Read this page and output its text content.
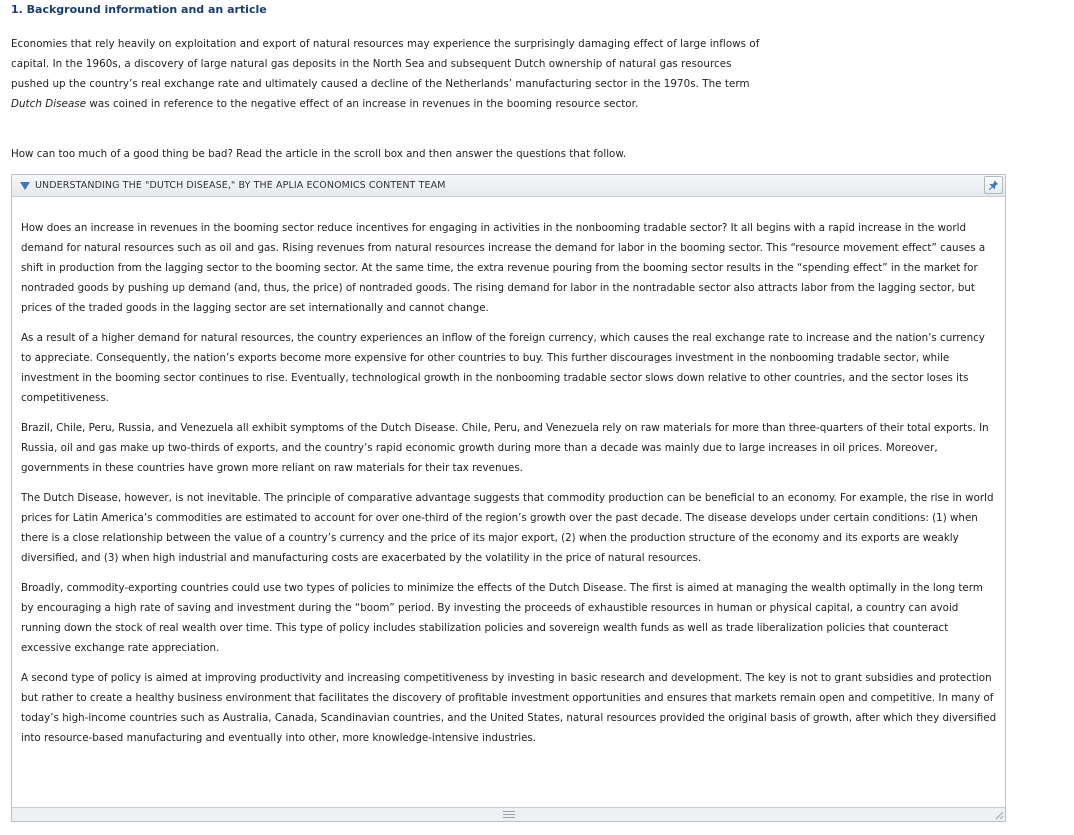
1. Background information and an article

Economies that rely heavily on exploitation and export of natural resources may experience the surprisingly damaging effect of large inflows of capital. In the 1960s, a discovery of large natural gas deposits in the North Sea and subsequent Dutch ownership of natural gas resources pushed up the country’s real exchange rate and ultimately caused a decline of the Netherlands’ manufacturing sector in the 1970s. The term Dutch Disease was coined in reference to the negative effect of an increase in revenues in the booming resource sector.

How can too much of a good thing be bad? Read the article in the scroll box and then answer the questions that follow.

UNDERSTANDING THE "DUTCH DISEASE," BY THE APLIA ECONOMICS CONTENT TEAM

How does an increase in revenues in the booming sector reduce incentives for engaging in activities in the nonbooming tradable sector? It all begins with a rapid increase in the world demand for natural resources such as oil and gas. Rising revenues from natural resources increase the demand for labor in the booming sector. This “resource movement effect” causes a shift in production from the lagging sector to the booming sector. At the same time, the extra revenue pouring from the booming sector results in the “spending effect” in the market for nontraded goods by pushing up demand (and, thus, the price) of nontraded goods. The rising demand for labor in the nontradable sector also attracts labor from the lagging sector, but prices of the traded goods in the lagging sector are set internationally and cannot change.

As a result of a higher demand for natural resources, the country experiences an inflow of the foreign currency, which causes the real exchange rate to increase and the nation’s currency to appreciate. Consequently, the nation’s exports become more expensive for other countries to buy. This further discourages investment in the nonbooming tradable sector, while investment in the booming sector continues to rise. Eventually, technological growth in the nonbooming tradable sector slows down relative to other countries, and the sector loses its competitiveness.

Brazil, Chile, Peru, Russia, and Venezuela all exhibit symptoms of the Dutch Disease. Chile, Peru, and Venezuela rely on raw materials for more than three-quarters of their total exports. In Russia, oil and gas make up two-thirds of exports, and the country’s rapid economic growth during more than a decade was mainly due to large increases in oil prices. Moreover, governments in these countries have grown more reliant on raw materials for their tax revenues.

The Dutch Disease, however, is not inevitable. The principle of comparative advantage suggests that commodity production can be beneficial to an economy. For example, the rise in world prices for Latin America’s commodities are estimated to account for over one-third of the region’s growth over the past decade. The disease develops under certain conditions: (1) when there is a close relationship between the value of a country’s currency and the price of its major export, (2) when the production structure of the economy and its exports are weakly diversified, and (3) when high industrial and manufacturing costs are exacerbated by the volatility in the price of natural resources.

Broadly, commodity-exporting countries could use two types of policies to minimize the effects of the Dutch Disease. The first is aimed at managing the wealth optimally in the long term by encouraging a high rate of saving and investment during the “boom” period. By investing the proceeds of exhaustible resources in human or physical capital, a country can avoid running down the stock of real wealth over time. This type of policy includes stabilization policies and sovereign wealth funds as well as trade liberalization policies that counteract excessive exchange rate appreciation.

A second type of policy is aimed at improving productivity and increasing competitiveness by investing in basic research and development. The key is not to grant subsidies and protection but rather to create a healthy business environment that facilitates the discovery of profitable investment opportunities and ensures that markets remain open and competitive. In many of today’s high-income countries such as Australia, Canada, Scandinavian countries, and the United States, natural resources provided the original basis of growth, after which they diversified into resource-based manufacturing and eventually into other, more knowledge-intensive industries.
